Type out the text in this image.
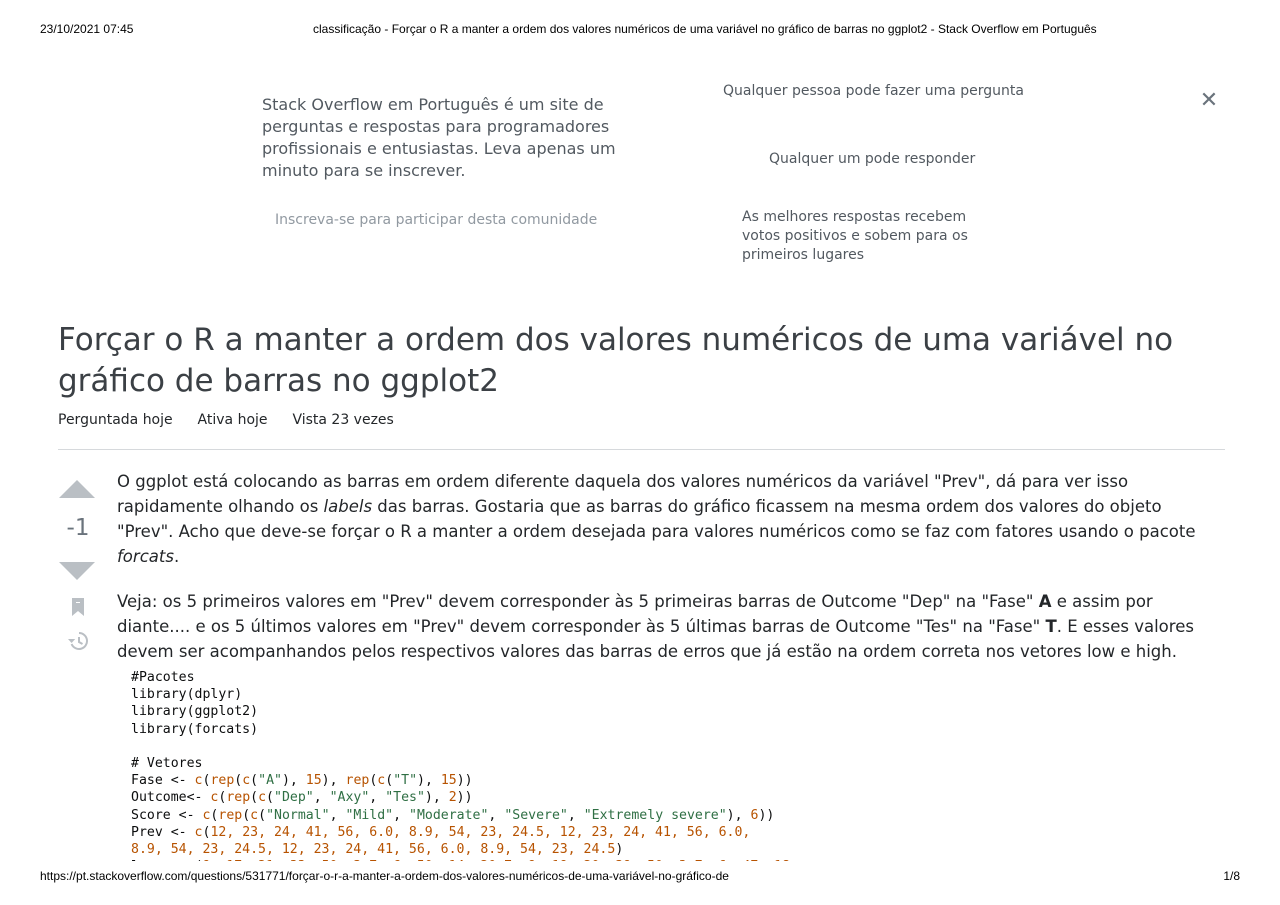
23/10/2021 07:45	classificação - Forçar o R a manter a ordem dos valores numéricos de uma variável no gráfico de barras no ggplot2 - Stack Overflow em Português
Stack Overflow em Português é um site de perguntas e respostas para programadores profissionais e entusiastas. Leva apenas um minuto para se inscrever.
Inscreva-se para participar desta comunidade
Qualquer pessoa pode fazer uma pergunta
Qualquer um pode responder
As melhores respostas recebem votos positivos e sobem para os primeiros lugares
✕
Forçar o R a manter a ordem dos valores numéricos de uma variável no gráfico de barras no ggplot2
Perguntada hoje Ativa hoje Vista 23 vezes
-1

O ggplot está colocando as barras em ordem diferente daquela dos valores numéricos da variável "Prev", dá para ver isso rapidamente olhando os labels das barras. Gostaria que as barras do gráfico ficassem na mesma ordem dos valores do objeto "Prev". Acho que deve-se forçar o R a manter a ordem desejada para valores numéricos como se faz com fatores usando o pacote forcats.

Veja: os 5 primeiros valores em "Prev" devem corresponder às 5 primeiras barras de Outcome "Dep" na "Fase" A e assim por diante.... e os 5 últimos valores em "Prev" devem corresponder às 5 últimas barras de Outcome "Tes" na "Fase" T. E esses valores devem ser acompanhandos pelos respectivos valores das barras de erros que já estão na ordem correta nos vetores low e high.

#Pacotes
library(dplyr)
library(ggplot2)
library(forcats)

# Vetores
Fase <- c(rep(c("A"), 15), rep(c("T"), 15))
Outcome<- c(rep(c("Dep", "Axy", "Tes"), 2))
Score <- c(rep(c("Normal", "Mild", "Moderate", "Severe", "Extremely severe"), 6))
Prev <- c(12, 23, 24, 41, 56, 6.0, 8.9, 54, 23, 24.5, 12, 23, 24, 41, 56, 6.0,
8.9, 54, 23, 24.5, 12, 23, 24, 41, 56, 6.0, 8.9, 54, 23, 24.5)

https://pt.stackoverflow.com/questions/531771/forçar-o-r-a-manter-a-ordem-dos-valores-numéricos-de-uma-variável-no-gráfico-de	1/8
